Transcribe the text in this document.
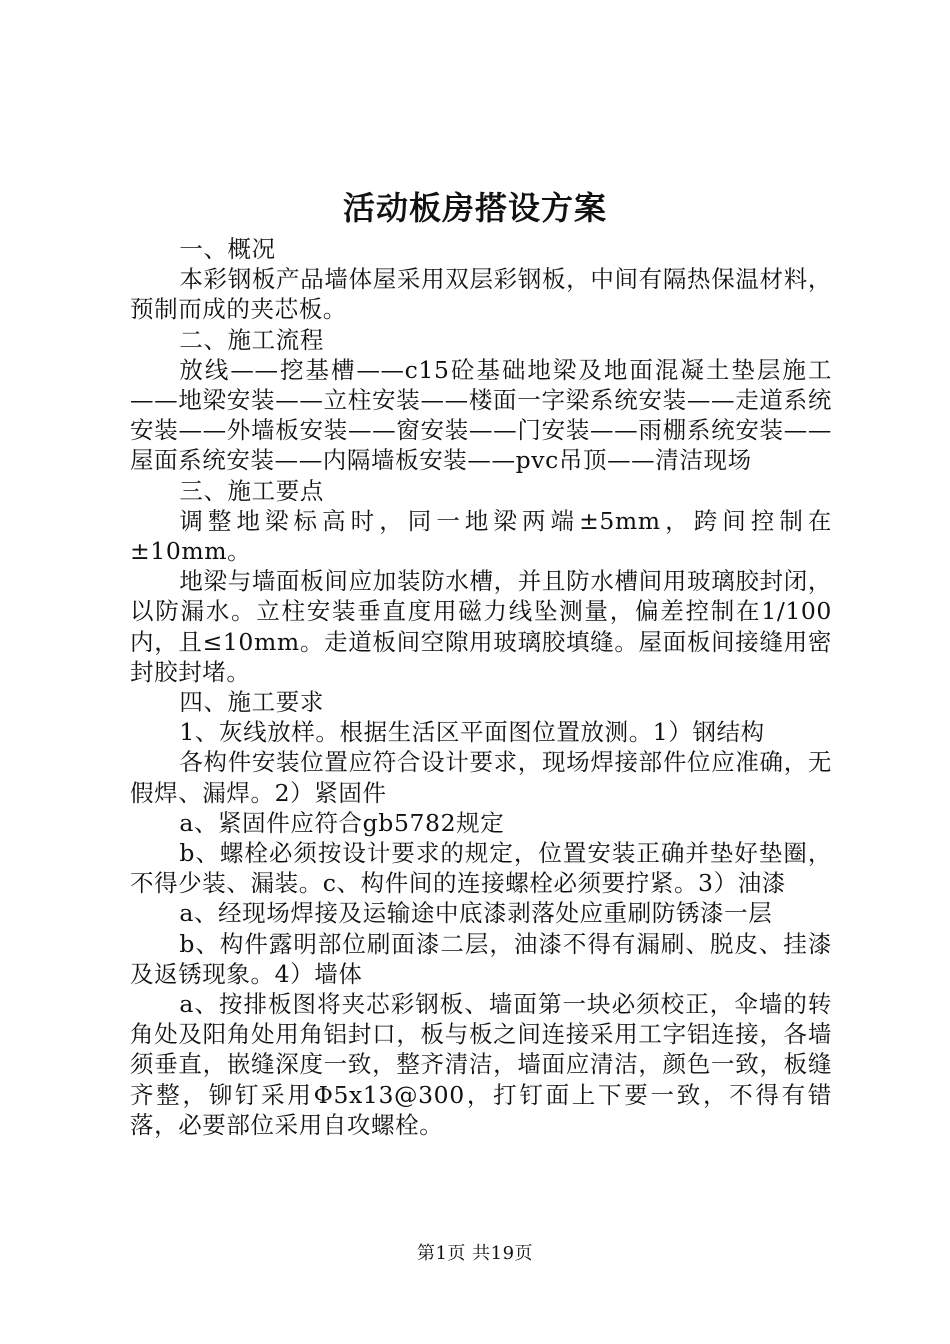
活动板房搭设方案

一、概况

本彩钢板产品墙体屋采用双层彩钢板，中间有隔热保温材料，预制而成的夹芯板。

二、施工流程

放线——挖基槽——c15砼基础地梁及地面混凝土垫层施工——地梁安装——立柱安装——楼面一字梁系统安装——走道系统安装——外墙板安装——窗安装——门安装——雨棚系统安装——屋面系统安装——内隔墙板安装——pvc吊顶——清洁现场

三、施工要点

调整地梁标高时，同一地梁两端±5mm，跨间控制在±10mm。

地梁与墙面板间应加装防水槽，并且防水槽间用玻璃胶封闭，以防漏水。立柱安装垂直度用磁力线坠测量，偏差控制在1/100内，且≤10mm。走道板间空隙用玻璃胶填缝。屋面板间接缝用密封胶封堵。

四、施工要求

1、灰线放样。根据生活区平面图位置放测。1）钢结构

各构件安装位置应符合设计要求，现场焊接部件位应准确，无假焊、漏焊。2）紧固件

a、紧固件应符合gb5782规定

b、螺栓必须按设计要求的规定，位置安装正确并垫好垫圈，不得少装、漏装。c、构件间的连接螺栓必须要拧紧。3）油漆

a、经现场焊接及运输途中底漆剥落处应重刷防锈漆一层

b、构件露明部位刷面漆二层，油漆不得有漏刷、脱皮、挂漆及返锈现象。4）墙体

a、按排板图将夹芯彩钢板、墙面第一块必须校正，伞墙的转角处及阳角处用角铝封口，板与板之间连接采用工字铝连接，各墙须垂直，嵌缝深度一致，整齐清洁，墙面应清洁，颜色一致，板缝齐整，铆钉采用Φ5x13@300，打钉面上下要一致，不得有错落，必要部位采用自攻螺栓。

第1页 共19页
